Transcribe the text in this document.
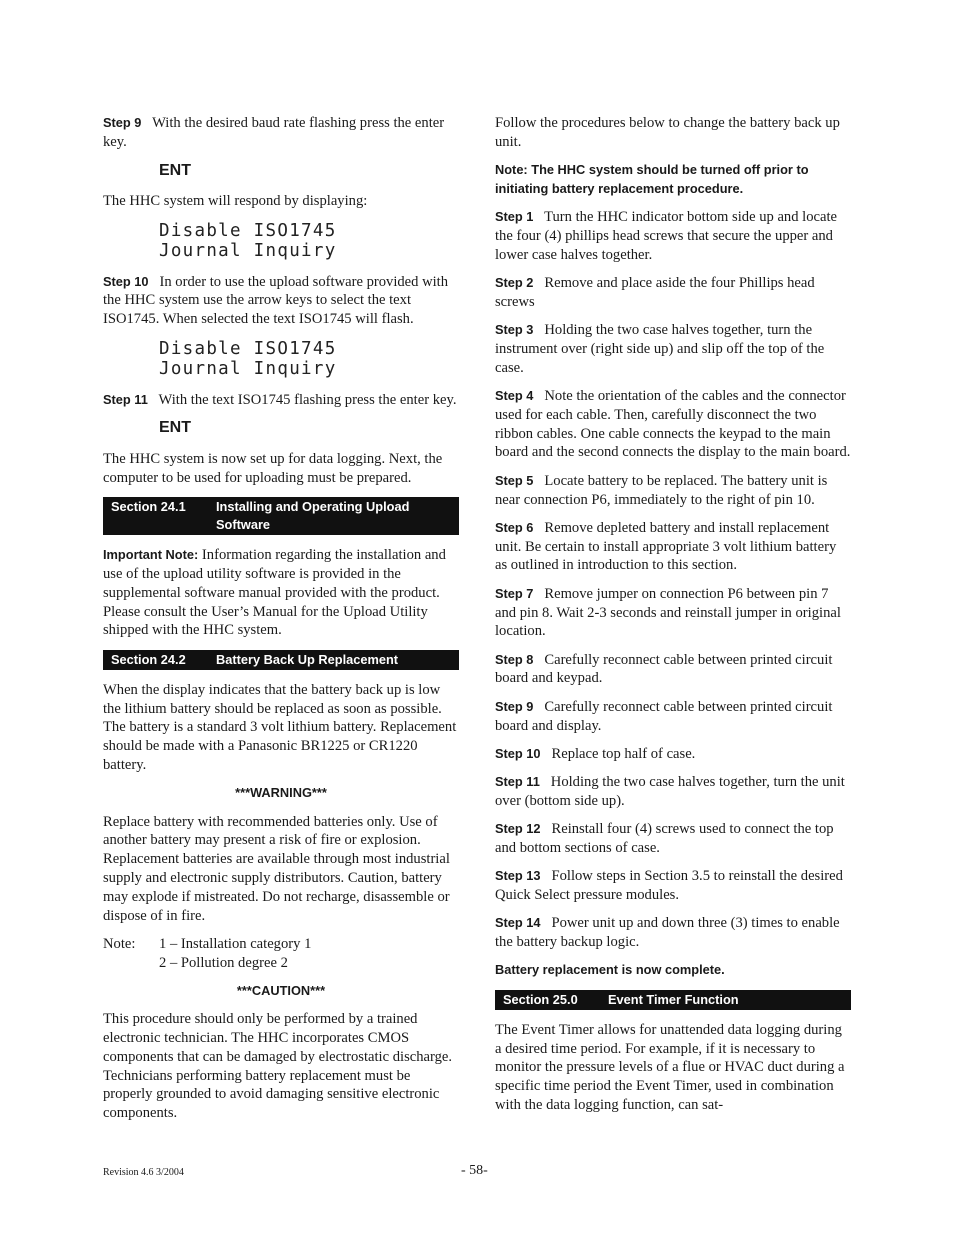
Step 9 With the desired baud rate flashing press the enter key.

ENT

The HHC system will respond by displaying:

Disable ISO1745
Journal Inquiry

Step 10 In order to use the upload software provided with the HHC system use the arrow keys to select the text ISO1745. When selected the text ISO1745 will flash.

Disable ISO1745
Journal Inquiry

Step 11 With the text ISO1745 flashing press the enter key.

ENT

The HHC system is now set up for data logging. Next, the computer to be used for uploading must be prepared.

Section 24.1	Installing and Operating Upload Software

Important Note: Information regarding the installation and use of the upload utility software is provided in the supplemental software manual provided with the product. Please consult the User’s Manual for the Upload Utility shipped with the HHC system.

Section 24.2	Battery Back Up Replacement

When the display indicates that the battery back up is low the lithium battery should be replaced as soon as possible. The battery is a standard 3 volt lithium battery. Replacement should be made with a Panasonic BR1225 or CR1220 battery.

***WARNING***

Replace battery with recommended batteries only. Use of another battery may present a risk of fire or explosion. Replacement batteries are available through most industrial supply and electronic supply distributors. Caution, battery may explode if mistreated. Do not recharge, disassemble or dispose of in fire.

Note:	1 – Installation category 1
2 – Pollution degree 2

***CAUTION***

This procedure should only be performed by a trained electronic technician. The HHC incorporates CMOS components that can be damaged by electrostatic discharge. Technicians performing battery replacement must be properly grounded to avoid damaging sensitive electronic components.

Follow the procedures below to change the battery back up unit.

Note: The HHC system should be turned off prior to initiating battery replacement procedure.

Step 1 Turn the HHC indicator bottom side up and locate the four (4) phillips head screws that secure the upper and lower case halves together.

Step 2 Remove and place aside the four Phillips head screws

Step 3 Holding the two case halves together, turn the instrument over (right side up) and slip off the top of the case.

Step 4 Note the orientation of the cables and the connector used for each cable. Then, carefully disconnect the two ribbon cables. One cable connects the keypad to the main board and the second connects the display to the main board.

Step 5 Locate battery to be replaced. The battery unit is near connection P6, immediately to the right of pin 10.

Step 6 Remove depleted battery and install replacement unit. Be certain to install appropriate 3 volt lithium battery as outlined in introduction to this section.

Step 7 Remove jumper on connection P6 between pin 7 and pin 8. Wait 2-3 seconds and reinstall jumper in original location.

Step 8 Carefully reconnect cable between printed circuit board and keypad.

Step 9 Carefully reconnect cable between printed circuit board and display.

Step 10 Replace top half of case.

Step 11 Holding the two case halves together, turn the unit over (bottom side up).

Step 12 Reinstall four (4) screws used to connect the top and bottom sections of case.

Step 13 Follow steps in Section 3.5 to reinstall the desired Quick Select pressure modules.

Step 14 Power unit up and down three (3) times to enable the battery backup logic.

Battery replacement is now complete.

Section 25.0	Event Timer Function

The Event Timer allows for unattended data logging during a desired time period. For example, if it is necessary to monitor the pressure levels of a flue or HVAC duct during a specific time period the Event Timer, used in combination with the data logging function, can sat-

Revision 4.6 3/2004	- 58-
